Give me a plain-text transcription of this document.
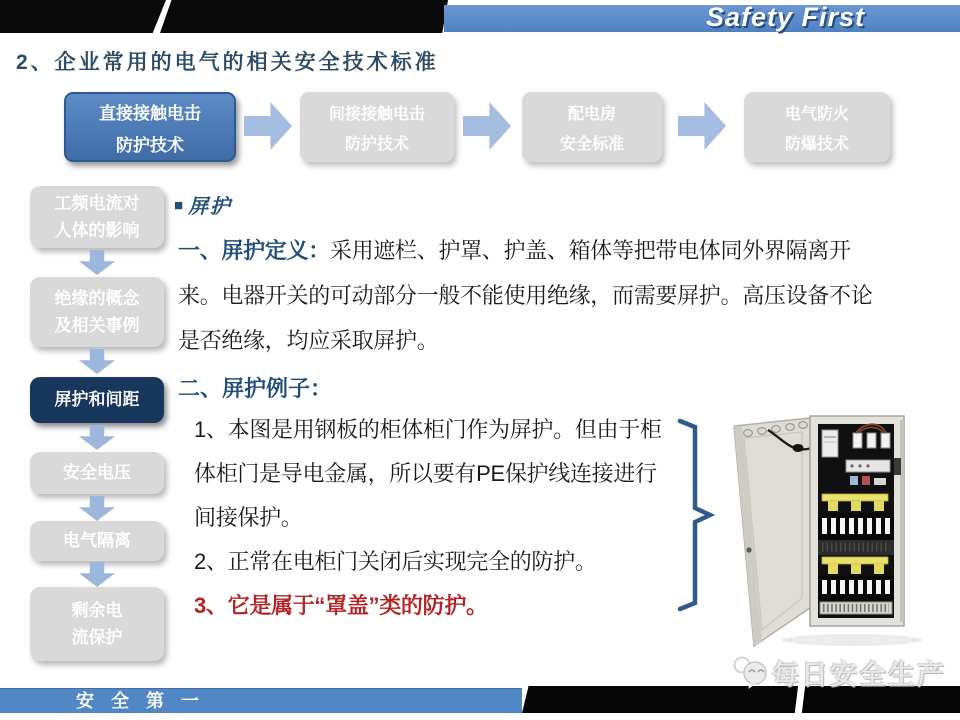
Safety First
2、企业常用的电气的相关安全技术标准
直接接触电击
防护技术
间接接触电击
防护技术
配电房
安全标准
电气防火
防爆技术
工频电流对
人体的影响
绝缘的概念
及相关事例
屏护和间距
安全电压
电气隔离
剩余电
流保护
■ 屏护
一、屏护定义：采用遮栏、护罩、护盖、箱体等把带电体同外界隔离开来。电器开关的可动部分一般不能使用绝缘，而需要屏护。高压设备不论是否绝缘，均应采取屏护。
二、屏护例子：
1、本图是用钢板的柜体柜门作为屏护。但由于柜体柜门是导电金属，所以要有PE保护线连接进行间接保护。
2、正常在电柜门关闭后实现完全的防护。
3、它是属于“罩盖”类的防护。
安 全 第 一
每日安全生产
